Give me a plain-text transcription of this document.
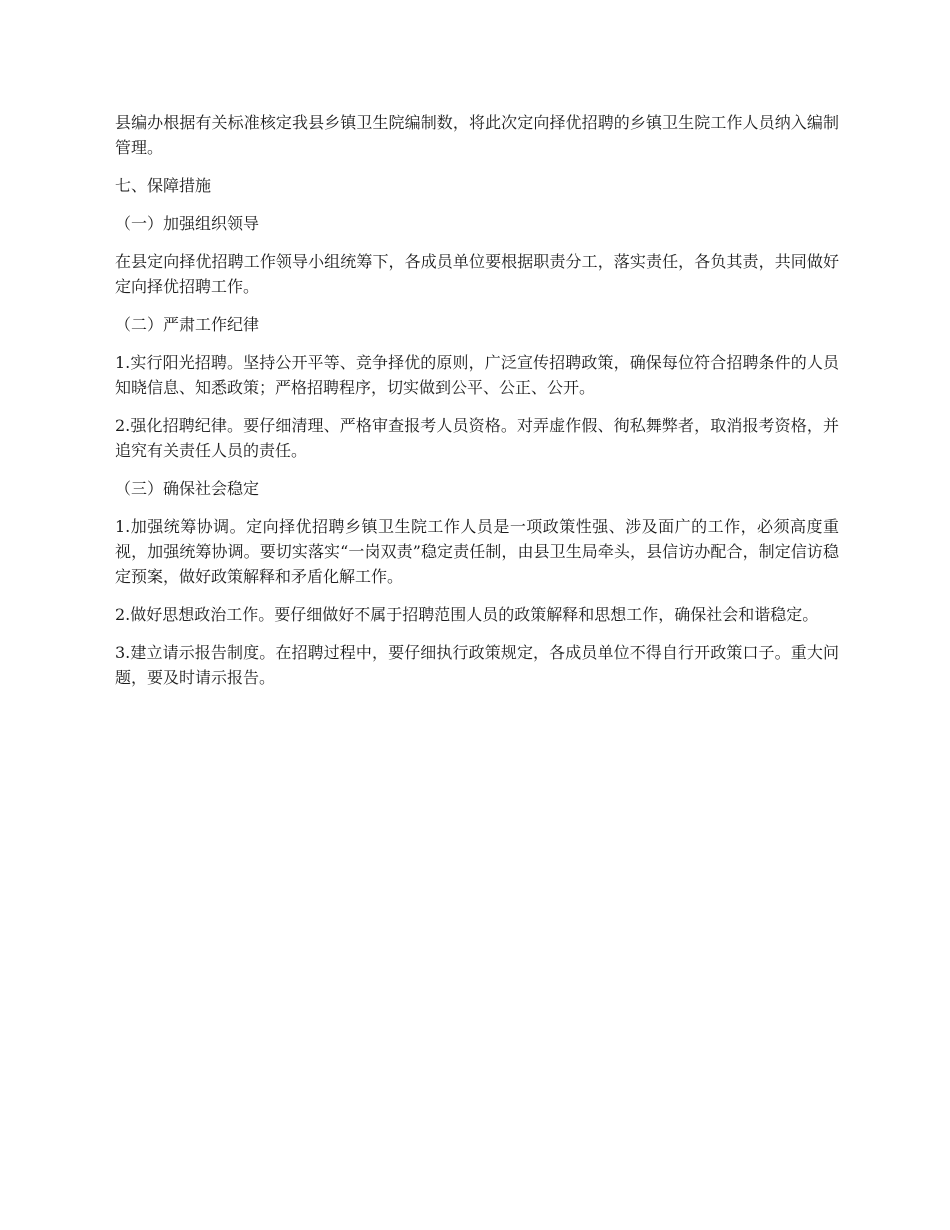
县编办根据有关标准核定我县乡镇卫生院编制数，将此次定向择优招聘的乡镇卫生院工作人员纳入编制管理。

七、保障措施

（一）加强组织领导

在县定向择优招聘工作领导小组统筹下，各成员单位要根据职责分工，落实责任，各负其责，共同做好定向择优招聘工作。

（二）严肃工作纪律

1.实行阳光招聘。坚持公开平等、竞争择优的原则，广泛宣传招聘政策，确保每位符合招聘条件的人员知晓信息、知悉政策；严格招聘程序，切实做到公平、公正、公开。

2.强化招聘纪律。要仔细清理、严格审查报考人员资格。对弄虚作假、徇私舞弊者，取消报考资格，并追究有关责任人员的责任。

（三）确保社会稳定

1.加强统筹协调。定向择优招聘乡镇卫生院工作人员是一项政策性强、涉及面广的工作，必须高度重视，加强统筹协调。要切实落实“一岗双责”稳定责任制，由县卫生局牵头，县信访办配合，制定信访稳定预案，做好政策解释和矛盾化解工作。

2.做好思想政治工作。要仔细做好不属于招聘范围人员的政策解释和思想工作，确保社会和谐稳定。

3.建立请示报告制度。在招聘过程中，要仔细执行政策规定，各成员单位不得自行开政策口子。重大问题，要及时请示报告。
